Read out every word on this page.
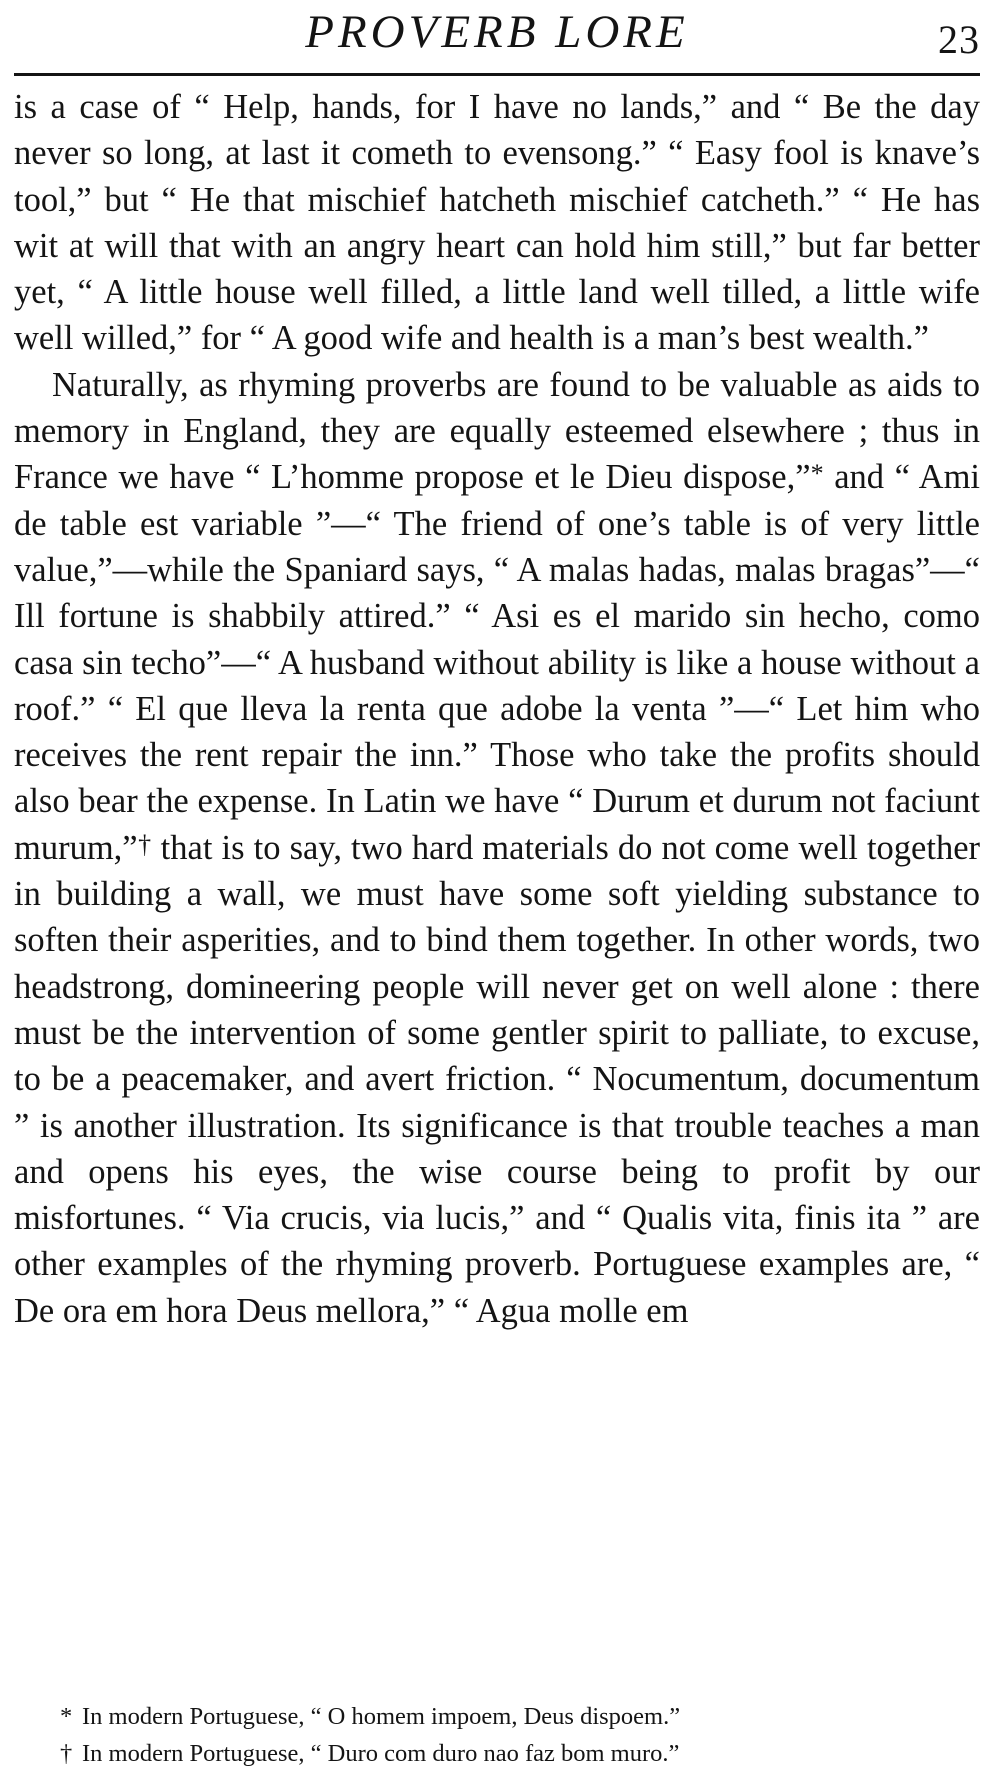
PROVERB LORE	23

is a case of “ Help, hands, for I have no lands,” and “ Be the day never so long, at last it cometh to evensong.” “ Easy fool is knave’s tool,” but “ He that mischief hatcheth mischief catcheth.” “ He has wit at will that with an angry heart can hold him still,” but far better yet, “ A little house well filled, a little land well tilled, a little wife well willed,” for “ A good wife and health is a man’s best wealth.”

Naturally, as rhyming proverbs are found to be valuable as aids to memory in England, they are equally esteemed elsewhere ; thus in France we have “ L’homme propose et le Dieu dispose,”* and “ Ami de table est variable ”—“ The friend of one’s table is of very little value,”—while the Spaniard says, “ A malas hadas, malas bragas”—“ Ill fortune is shabbily attired.” “ Asi es el marido sin hecho, como casa sin techo”—“ A husband without ability is like a house without a roof.” “ El que lleva la renta que adobe la venta ”—“ Let him who receives the rent repair the inn.” Those who take the profits should also bear the expense. In Latin we have “ Durum et durum not faciunt murum,”† that is to say, two hard materials do not come well together in building a wall, we must have some soft yielding substance to soften their asperities, and to bind them together. In other words, two headstrong, domineering people will never get on well alone : there must be the intervention of some gentler spirit to palliate, to excuse, to be a peacemaker, and avert friction. “ Nocumentum, documentum ” is another illustration. Its significance is that trouble teaches a man and opens his eyes, the wise course being to profit by our misfortunes. “ Via crucis, via lucis,” and “ Qualis vita, finis ita ” are other examples of the rhyming proverb. Portuguese examples are, “ De ora em hora Deus mellora,” “ Agua molle em

* In modern Portuguese, “ O homem impoem, Deus dispoem.”
† In modern Portuguese, “ Duro com duro nao faz bom muro.”
